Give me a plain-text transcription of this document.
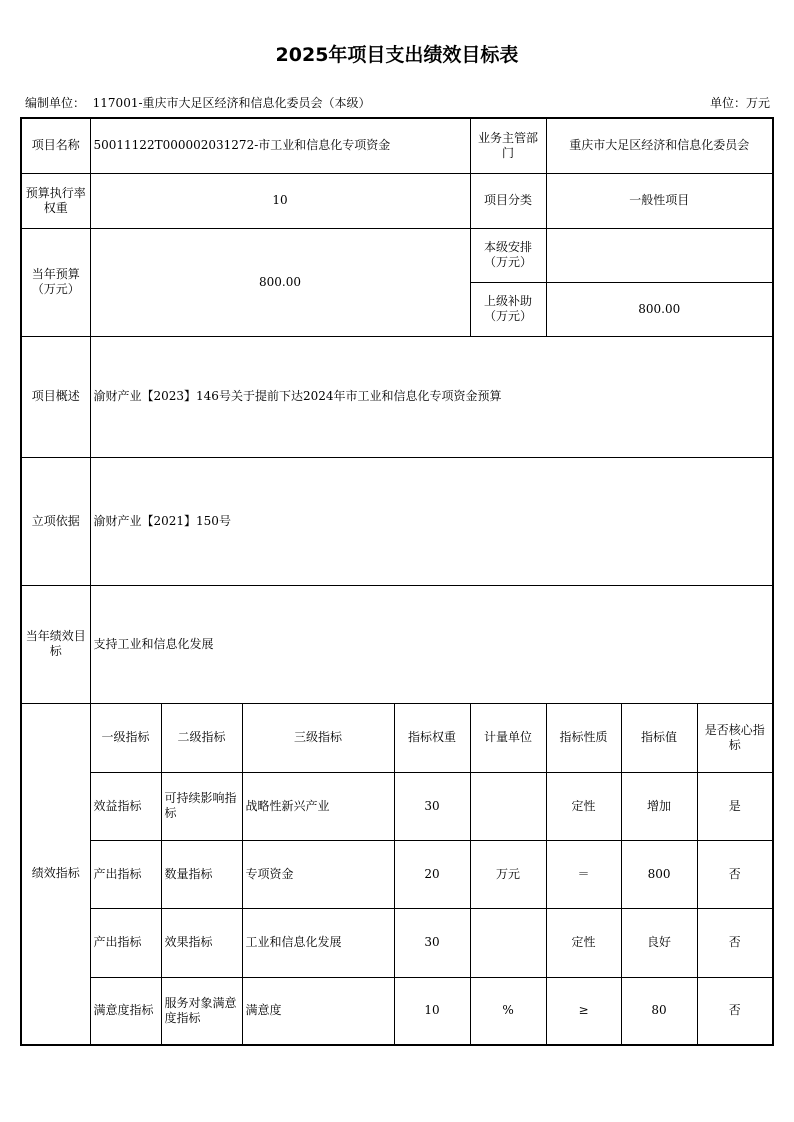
2025年项目支出绩效目标表
编制单位： 117001-重庆市大足区经济和信息化委员会（本级）	单位：万元
项目名称	50011122T000002031272-市工业和信息化专项资金				业务主管部门	重庆市大足区经济和信息化委员会		
预算执行率权重	10				项目分类	一般性项目		
当年预算（万元）	800.00				本级安排（万元）			
					上级补助（万元）	800.00		
项目概述	渝财产业【2023】146号关于提前下达2024年市工业和信息化专项资金预算							
立项依据	渝财产业【2021】150号							
当年绩效目标	支持工业和信息化发展							
绩效指标	一级指标	二级指标	三级指标	指标权重	计量单位	指标性质	指标值	是否核心指标
	效益指标	可持续影响指标	战略性新兴产业	30		定性	增加	是
	产出指标	数量指标	专项资金	20	万元	＝	800	否
	产出指标	效果指标	工业和信息化发展	30		定性	良好	否
	满意度指标	服务对象满意度指标	满意度	10	%	≥	80	否
